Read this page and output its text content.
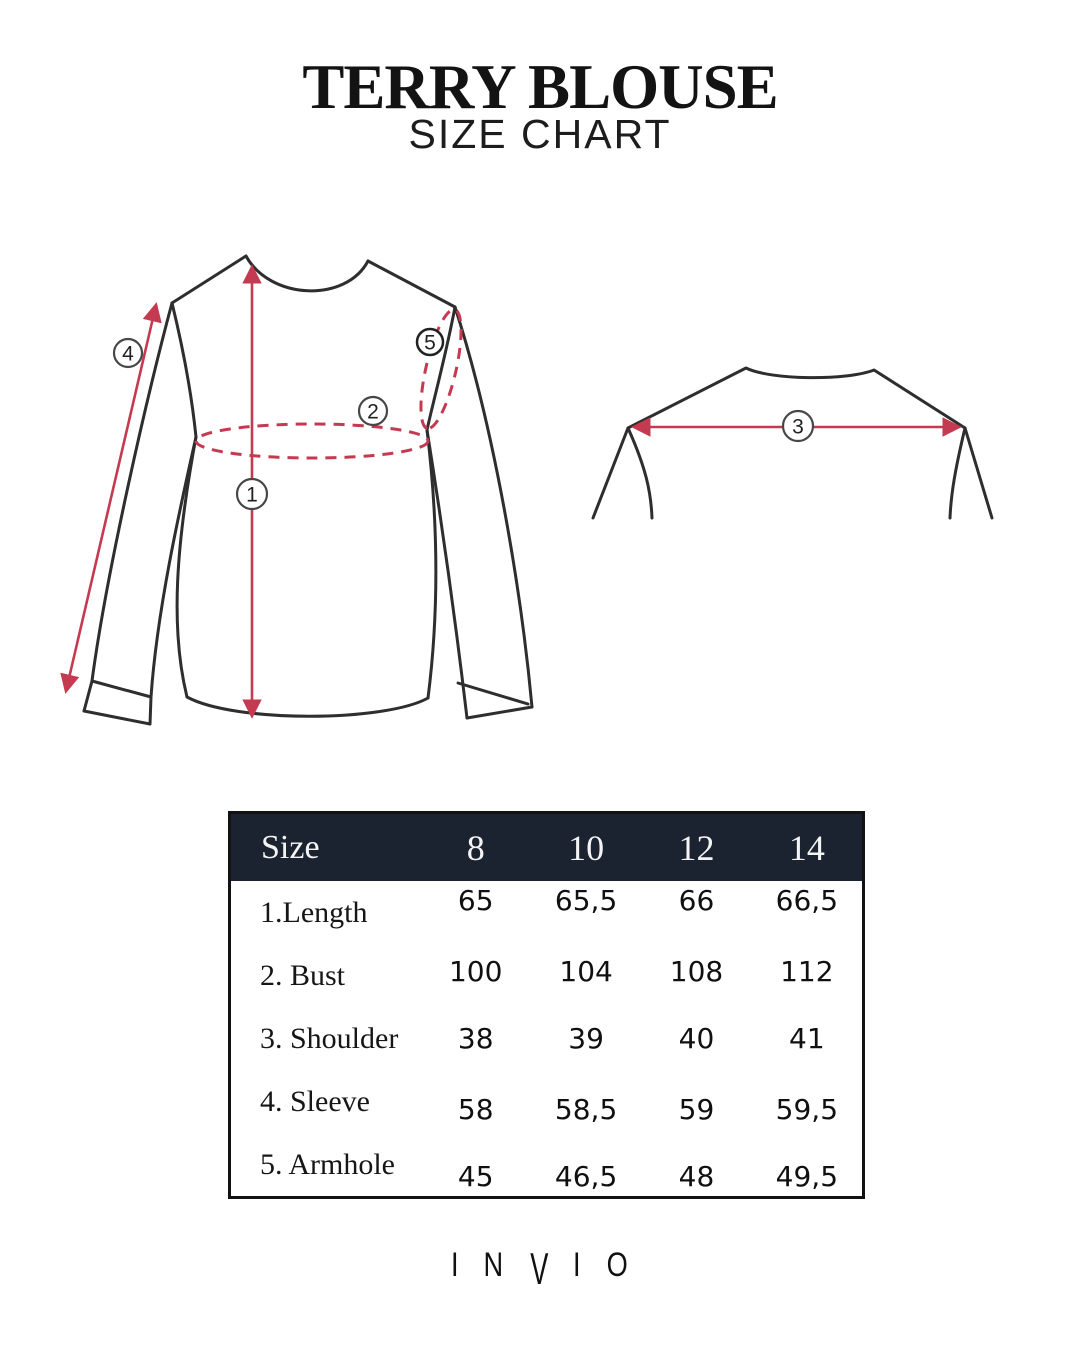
TERRY BLOUSE
SIZE CHART
1
2
3
4	5
Size	8	10	12	14
1.Length	65	65,5	66	66,5
2. Bust	100	104	108	112
3. Shoulder	38	39	40	41
4. Sleeve	58	58,5	59	59,5
5. Armhole	45	46,5	48	49,5
I N V I O
